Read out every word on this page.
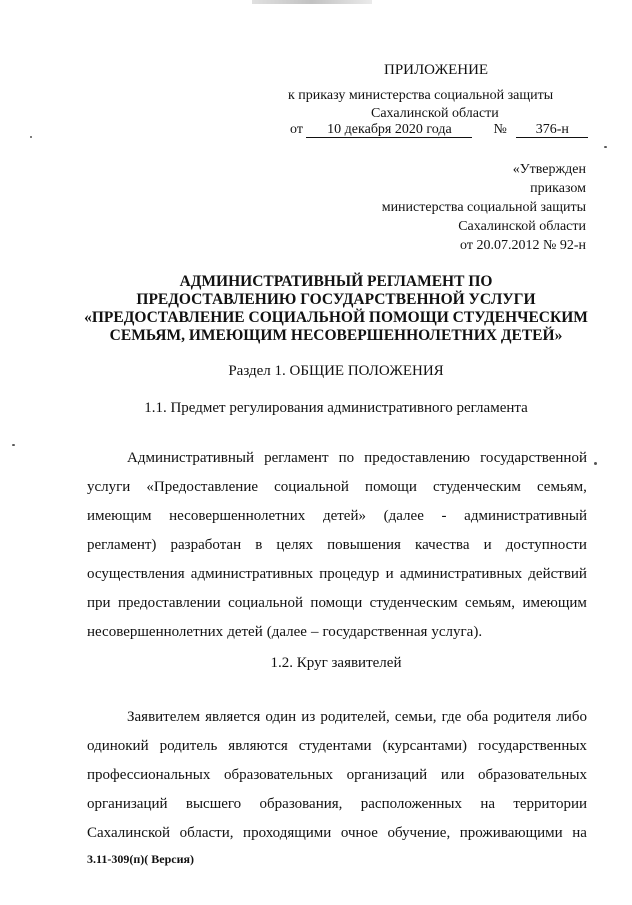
ПРИЛОЖЕНИЕ
к приказу министерства социальной защиты
Сахалинской области
от 10 декабря 2020 года	№ 376-н
«Утвержден
приказом
министерства социальной защиты
Сахалинской области
от 20.07.2012 № 92-н
АДМИНИСТРАТИВНЫЙ РЕГЛАМЕНТ ПО
ПРЕДОСТАВЛЕНИЮ ГОСУДАРСТВЕННОЙ УСЛУГИ
«ПРЕДОСТАВЛЕНИЕ СОЦИАЛЬНОЙ ПОМОЩИ СТУДЕНЧЕСКИМ
СЕМЬЯМ, ИМЕЮЩИМ НЕСОВЕРШЕННОЛЕТНИХ ДЕТЕЙ»
Раздел 1. ОБЩИЕ ПОЛОЖЕНИЯ
1.1. Предмет регулирования административного регламента
Административный регламент по предоставлению государственной
услуги «Предоставление социальной помощи студенческим семьям,
имеющим несовершеннолетних детей» (далее - административный
регламент) разработан в целях повышения качества и доступности
осуществления административных процедур и административных действий
при предоставлении социальной помощи студенческим семьям, имеющим
несовершеннолетних детей (далее – государственная услуга).
1.2. Круг заявителей
Заявителем является один из родителей, семьи, где оба родителя либо
одинокий родитель являются студентами (курсантами) государственных
профессиональных образовательных организаций или образовательных
организаций высшего образования, расположенных на территории
Сахалинской области, проходящими очное обучение, проживающими на
3.11-309(п)( Версия)
